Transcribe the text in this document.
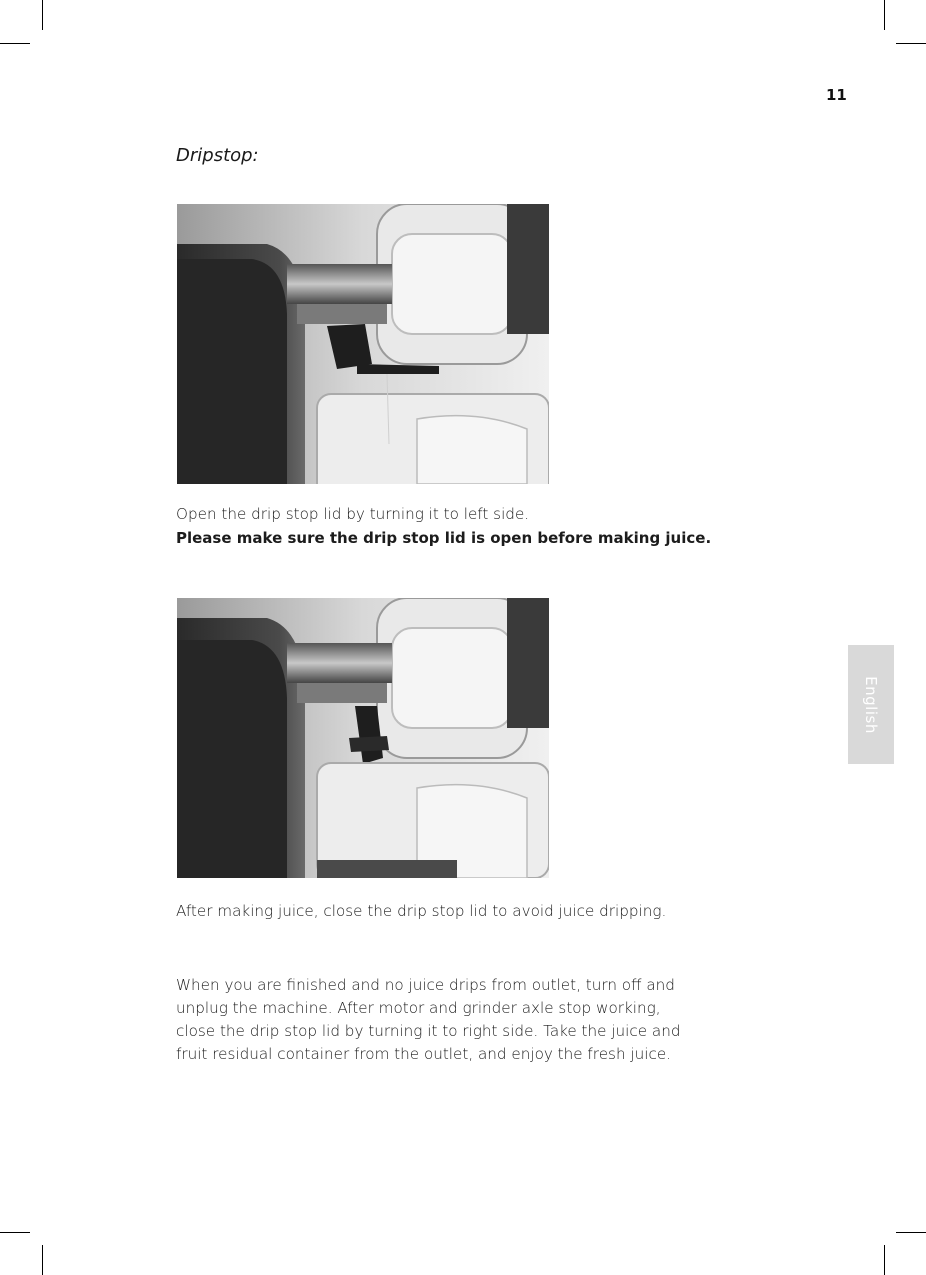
11
Dripstop:

Open the drip stop lid by turning it to left side.

Please make sure the drip stop lid is open before making juice.

After making juice, close the drip stop lid to avoid juice dripping.

When you are finished and no juice drips from outlet, turn off and
unplug the machine. After motor and grinder axle stop working,
close the drip stop lid by turning it to right side. Take the juice and
fruit residual container from the outlet, and enjoy the fresh juice.

English
